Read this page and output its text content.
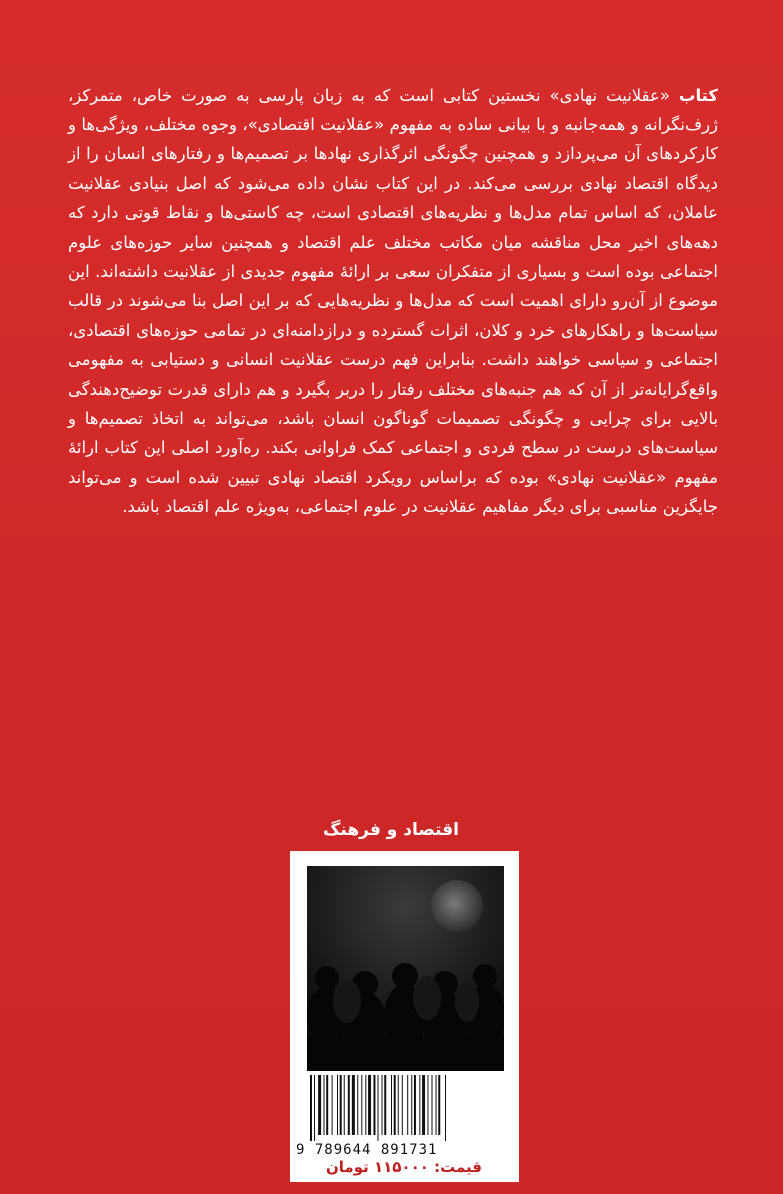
کتاب «عقلانیت نهادی» نخستین کتابی است که به زبان پارسی به صورت خاص، متمرکز، ژرف‌نگرانه و همه‌جانبه و با بیانی ساده به مفهوم «عقلانیت اقتصادی»، وجوه مختلف، ویژگی‌ها و کارکردهای آن می‌پردازد و همچنین چگونگی اثرگذاری نهادها بر تصمیم‌ها و رفتارهای انسان را از دیدگاه اقتصاد نهادی بررسی می‌کند. در این کتاب نشان داده می‌شود که اصل بنیادی عقلانیت عاملان، که اساس تمام مدل‌ها و نظریه‌های اقتصادی است، چه کاستی‌ها و نقاط قوتی دارد که دهه‌های اخیر محل مناقشه میان مکاتب مختلف علم اقتصاد و همچنین سایر حوزه‌های علوم اجتماعی بوده است و بسیاری از متفکران سعی بر ارائهٔ مفهوم جدیدی از عقلانیت داشته‌اند. این موضوع از آن‌رو دارای اهمیت است که مدل‌ها و نظریه‌هایی که بر این اصل بنا می‌شوند در قالب سیاست‌ها و راهکارهای خرد و کلان، اثرات گسترده و درازدامنه‌ای در تمامی حوزه‌های اقتصادی، اجتماعی و سیاسی خواهند داشت. بنابراین فهم درست عقلانیت انسانی و دستیابی به مفهومی واقع‌گرایانه‌تر از آن که هم جنبه‌های مختلف رفتار را دربر بگیرد و هم دارای قدرت توضیح‌دهندگی بالایی برای چرایی و چگونگی تصمیمات گوناگون انسان باشد، می‌تواند به اتخاذ تصمیم‌ها و سیاست‌های درست در سطح فردی و اجتماعی کمک فراوانی بکند. ره‌آورد اصلی این کتاب ارائهٔ مفهوم «عقلانیت نهادی» بوده که براساس رویکرد اقتصاد نهادی تبیین شده است و می‌تواند جایگزین مناسبی برای دیگر مفاهیم عقلانیت در علوم اجتماعی، به‌ویژه علم اقتصاد باشد.

اقتصاد و فرهنگ
9 789644 891731
قیمت: ۱۱۵۰۰۰ تومان
